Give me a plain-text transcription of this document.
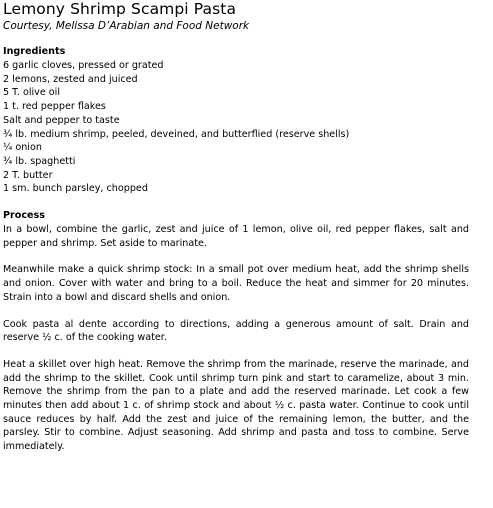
Lemony Shrimp Scampi Pasta

Courtesy, Melissa D’Arabian and Food Network

Ingredients

6 garlic cloves, pressed or grated
2 lemons, zested and juiced
5 T. olive oil
1 t. red pepper flakes
Salt and pepper to taste
¾ lb. medium shrimp, peeled, deveined, and butterflied (reserve shells)
¼ onion
¾ lb. spaghetti
2 T. butter
1 sm. bunch parsley, chopped

Process

In a bowl, combine the garlic, zest and juice of 1 lemon, olive oil, red pepper flakes, salt and pepper and shrimp. Set aside to marinate.

Meanwhile make a quick shrimp stock: In a small pot over medium heat, add the shrimp shells and onion. Cover with water and bring to a boil. Reduce the heat and simmer for 20 minutes. Strain into a bowl and discard shells and onion.

Cook pasta al dente according to directions, adding a generous amount of salt. Drain and reserve ½ c. of the cooking water.

Heat a skillet over high heat. Remove the shrimp from the marinade, reserve the marinade, and add the shrimp to the skillet. Cook until shrimp turn pink and start to caramelize, about 3 min. Remove the shrimp from the pan to a plate and add the reserved marinade. Let cook a few minutes then add about 1 c. of shrimp stock and about ½ c. pasta water. Continue to cook until sauce reduces by half. Add the zest and juice of the remaining lemon, the butter, and the parsley. Stir to combine. Adjust seasoning. Add shrimp and pasta and toss to combine. Serve immediately.
